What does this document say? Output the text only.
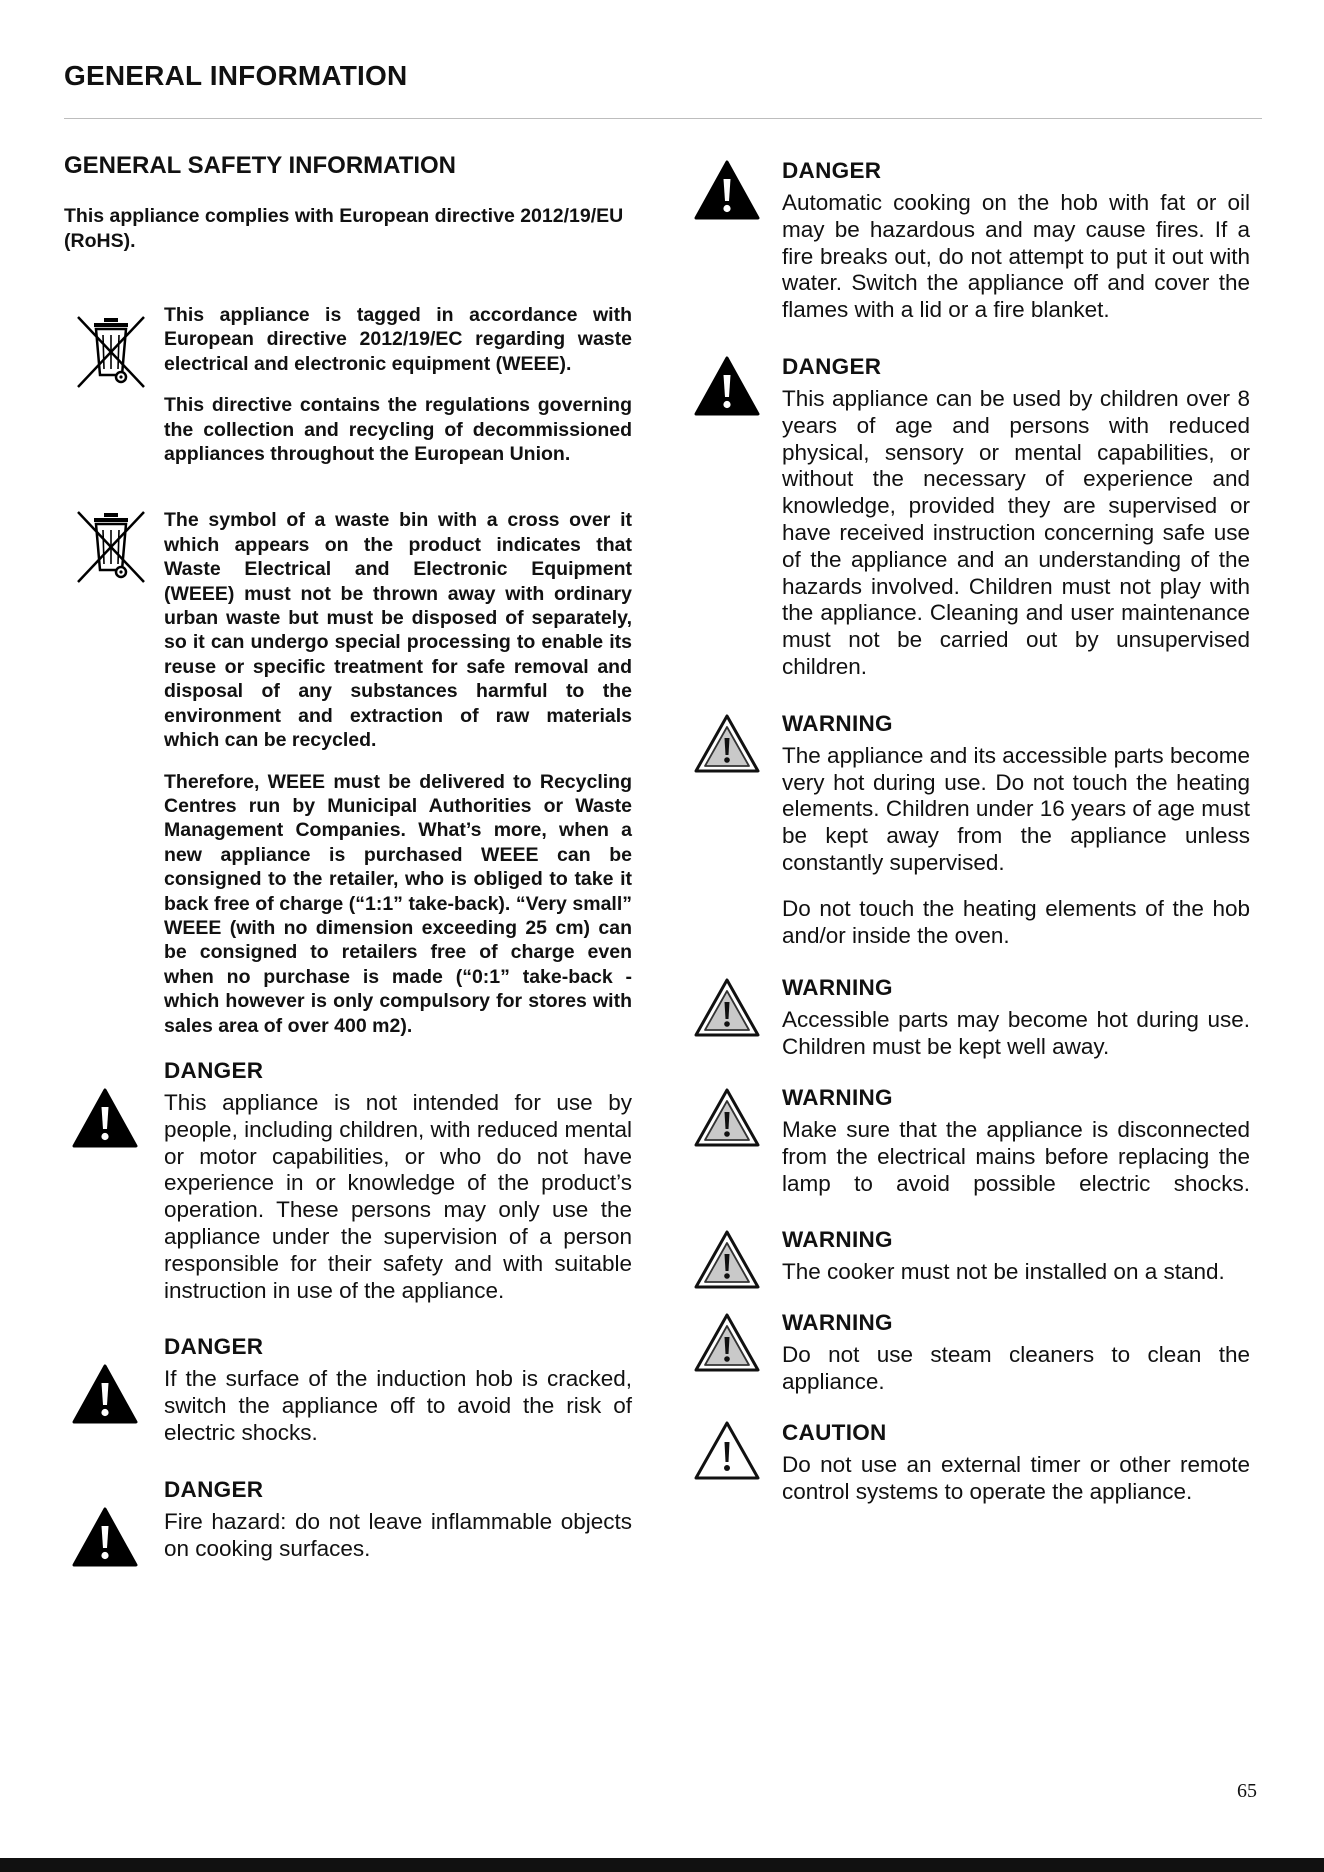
GENERAL INFORMATION
GENERAL SAFETY INFORMATION
This appliance complies with European directive 2012/19/EU (RoHS).

This appliance is tagged in accordance with European directive 2012/19/EC regarding waste electrical and electronic equipment (WEEE).

This directive contains the regulations governing the collection and recycling of decommissioned appliances throughout the European Union.

The symbol of a waste bin with a cross over it which appears on the product indicates that Waste Electrical and Electronic Equipment (WEEE) must not be thrown away with ordinary urban waste but must be disposed of separately, so it can undergo special processing to enable its reuse or specific treatment for safe removal and disposal of any substances harmful to the environment and extraction of raw materials which can be recycled.

Therefore, WEEE must be delivered to Recycling Centres run by Municipal Authorities or Waste Management Companies. What’s more, when a new appliance is purchased WEEE can be consigned to the retailer, who is obliged to take it back free of charge (“1:1” take-back). “Very small” WEEE (with no dimension exceeding 25 cm) can be consigned to retailers free of charge even when no purchase is made (“0:1” take-back - which however is only compulsory for stores with sales area of over 400 m2).

DANGER

This appliance is not intended for use by people, including children, with reduced mental or motor capabilities, or who do not have experience in or knowledge of the product’s operation. These persons may only use the appliance under the supervision of a person responsible for their safety and with suitable instruction in use of the appliance.

DANGER

If the surface of the induction hob is cracked, switch the appliance off to avoid the risk of electric shocks.

DANGER

Fire hazard: do not leave inflammable objects on cooking surfaces.

DANGER

Automatic cooking on the hob with fat or oil may be hazardous and may cause fires. If a fire breaks out, do not attempt to put it out with water. Switch the appliance off and cover the flames with a lid or a fire blanket.

DANGER

This appliance can be used by children over 8 years of age and persons with reduced physical, sensory or mental capabilities, or without the necessary of experience and knowledge, provided they are supervised or have received instruction concerning safe use of the appliance and an understanding of the hazards involved. Children must not play with the appliance. Cleaning and user maintenance must not be carried out by unsupervised children.

WARNING

The appliance and its accessible parts become very hot during use. Do not touch the heating elements. Children under 16 years of age must be kept away from the appliance unless constantly supervised.

Do not touch the heating elements of the hob and/or inside the oven.

WARNING

Accessible parts may become hot during use. Children must be kept well away.

WARNING

Make sure that the appliance is disconnected from the electrical mains before replacing the lamp to avoid possible electric shocks.

WARNING

The cooker must not be installed on a stand.

WARNING

Do not use steam cleaners to clean the appliance.

CAUTION

Do not use an external timer or other remote control systems to operate the appliance.

65
